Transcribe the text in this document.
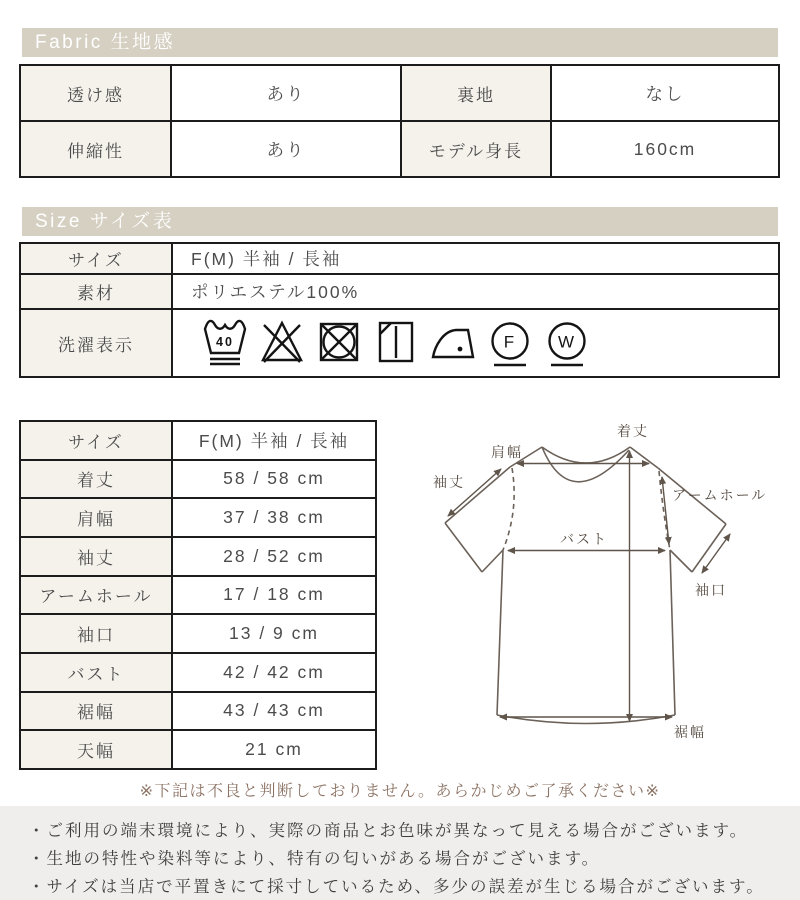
Fabric 生地感
透け感	あり	裏地	なし
伸縮性	あり	モデル身長	160cm
Size サイズ表
サイズ	F(M) 半袖 / 長袖
素材	ポリエステル100%
洗濯表示	40 F W
サイズ	F(M) 半袖 / 長袖
着丈	58 / 58 cm
肩幅	37 / 38 cm
袖丈	28 / 52 cm
アームホール	17 / 18 cm
袖口	13 / 9 cm
バスト	42 / 42 cm
裾幅	43 / 43 cm
天幅	21 cm
肩幅
着丈
袖丈
アームホール
バスト
袖口
裾幅
※下記は不良と判断しておりません。あらかじめご了承ください※
・ご利用の端末環境により、実際の商品とお色味が異なって見える場合がございます。
・生地の特性や染料等により、特有の匂いがある場合がございます。
・サイズは当店で平置きにて採寸しているため、多少の誤差が生じる場合がございます。
